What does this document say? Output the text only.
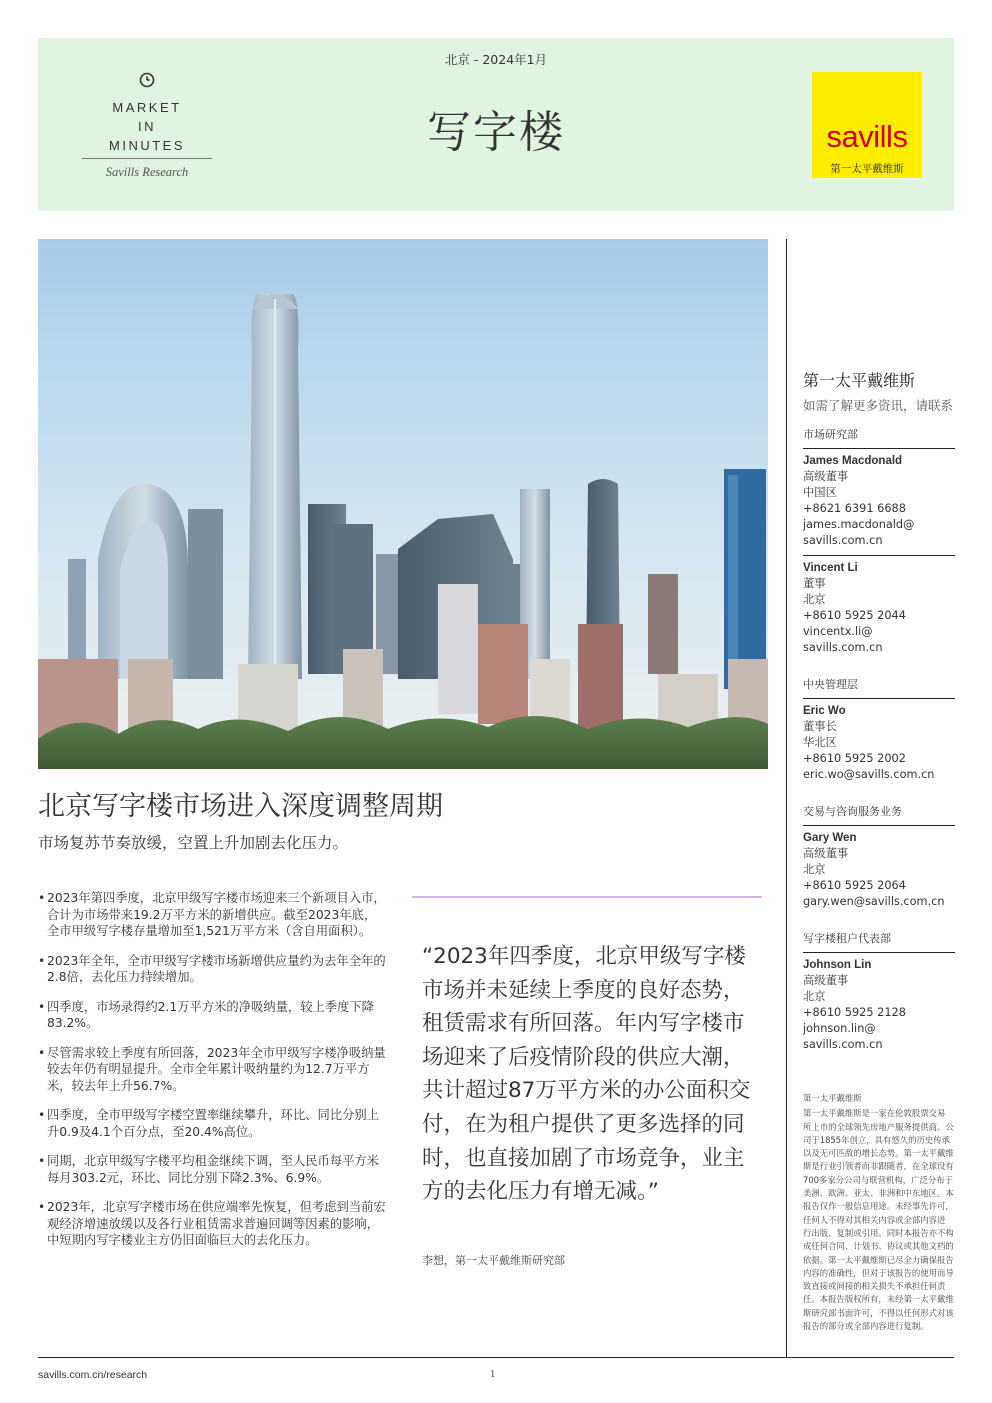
MARKET
IN
MINUTES
Savills Research
北京 - 2024年1月
写字楼	savills
第一太平戴维斯
北京写字楼市场进入深度调整周期
市场复苏节奏放缓，空置上升加剧去化压力。
• 2023年第四季度，北京甲级写字楼市场迎来三个新项目入市，合计为市场带来19.2万平方米的新增供应。截至2023年底，全市甲级写字楼存量增加至1,521万平方米（含自用面积）。
• 2023年全年，全市甲级写字楼市场新增供应量约为去年全年的2.8倍，去化压力持续增加。
• 四季度，市场录得约2.1万平方米的净吸纳量，较上季度下降83.2%。
• 尽管需求较上季度有所回落，2023年全市甲级写字楼净吸纳量较去年仍有明显提升。全市全年累计吸纳量约为12.7万平方米，较去年上升56.7%。
• 四季度，全市甲级写字楼空置率继续攀升，环比、同比分别上升0.9及4.1个百分点，至20.4%高位。
• 同期，北京甲级写字楼平均租金继续下调，至人民币每平方米每月303.2元，环比、同比分别下降2.3%、6.9%。
• 2023年，北京写字楼市场在供应端率先恢复，但考虑到当前宏观经济增速放缓以及各行业租赁需求普遍回调等因素的影响，中短期内写字楼业主方仍旧面临巨大的去化压力。
“2023年四季度，北京甲级写字楼市场并未延续上季度的良好态势，租赁需求有所回落。年内写字楼市场迎来了后疫情阶段的供应大潮，共计超过87万平方米的办公面积交付，在为租户提供了更多选择的同时，也直接加剧了市场竞争，业主方的去化压力有增无减。”
李想，第一太平戴维斯研究部
第一太平戴维斯
如需了解更多资讯，请联系
市场研究部
James Macdonald
高级董事
中国区
+8621 6391 6688
james.macdonald@
savills.com.cn
Vincent Li
董事
北京
+8610 5925 2044
vincentx.li@
savills.com.cn
中央管理层
Eric Wo
董事长
华北区
+8610 5925 2002
eric.wo@savills.com.cn
交易与咨询服务业务
Gary Wen
高级董事
北京
+8610 5925 2064
gary.wen@savills.com.cn
写字楼租户代表部
Johnson Lin
高级董事
北京
+8610 5925 2128
johnson.lin@
savills.com.cn
第一太平戴维斯
第一太平戴维斯是一家在伦敦股票交易
所上市的全球领先房地产服务提供商。公
司于1855年创立，具有悠久的历史传承
以及无可匹敌的增长态势。第一太平戴维
斯是行业引领者而非跟随者，在全球设有
700多家分公司与联营机构，广泛分布于
美洲、欧洲、亚太、非洲和中东地区。本
报告仅作一般信息用途。未经事先许可，
任何人不得对其相关内容或全部内容进
行出版、复制或引用。同时本报告亦不构
成任何合同、计划书、协议或其他文档的
依据。第一太平戴维斯已尽全力确保报告
内容的准确性，但对于该报告的使用而导
致直接或间接的相关损失不承担任何责
任。本报告版权所有，未经第一太平戴维
斯研究部书面许可，不得以任何形式对该
报告的部分或全部内容进行复制。
savills.com.cn/research	1
